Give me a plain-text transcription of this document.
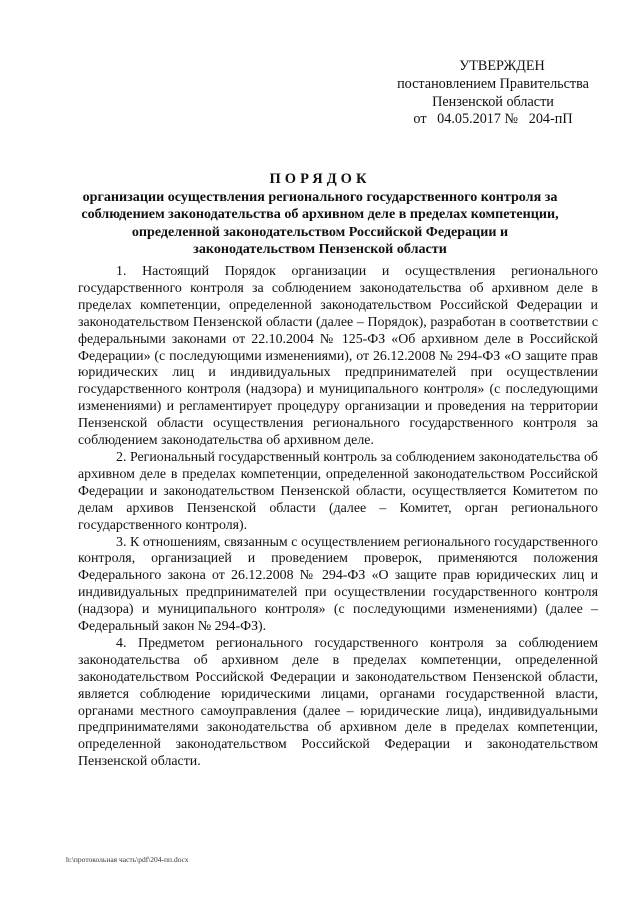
УТВЕРЖДЕН
постановлением Правительства
Пензенской области
от   04.05.2017 №   204-пП
ПОРЯДОК
организации осуществления регионального государственного контроля за соблюдением законодательства об архивном деле в пределах компетенции, определенной законодательством Российской Федерации и законодательством Пензенской области

1. Настоящий Порядок организации и осуществления регионального государственного контроля за соблюдением законодательства об архивном деле в пределах компетенции, определенной законодательством Российской Федерации и законодательством Пензенской области (далее – Порядок), разработан в соответствии с федеральными законами от 22.10.2004 № 125-ФЗ «Об архивном деле в Российской Федерации» (с последующими изменениями), от 26.12.2008 № 294-ФЗ «О защите прав юридических лиц и индивидуальных предпринимателей при осуществлении государственного контроля (надзора) и муниципального контроля» (с последующими изменениями) и регламентирует процедуру организации и проведения на территории Пензенской области осуществления регионального государственного контроля за соблюдением законодательства об архивном деле.

2. Региональный государственный контроль за соблюдением законодательства об архивном деле в пределах компетенции, определенной законодательством Российской Федерации и законодательством Пензенской области, осуществляется Комитетом по делам архивов Пензенской области (далее – Комитет, орган регионального государственного контроля).

3. К отношениям, связанным с осуществлением регионального государственного контроля, организацией и проведением проверок, применяются положения Федерального закона от 26.12.2008 № 294-ФЗ «О защите прав юридических лиц и индивидуальных предпринимателей при осуществлении государственного контроля (надзора) и муниципального контроля» (с последующими изменениями) (далее – Федеральный закон № 294-ФЗ).

4. Предметом регионального государственного контроля за соблюдением законодательства об архивном деле в пределах компетенции, определенной законодательством Российской Федерации и законодательством Пензенской области, является соблюдение юридическими лицами, органами государственной власти, органами местного самоуправления (далее – юридические лица), индивидуальными предпринимателями законодательства об архивном деле в пределах компетенции, определенной законодательством Российской Федерации и законодательством Пензенской области.

h:\протокольная часть\pdf\204-пп.docx
